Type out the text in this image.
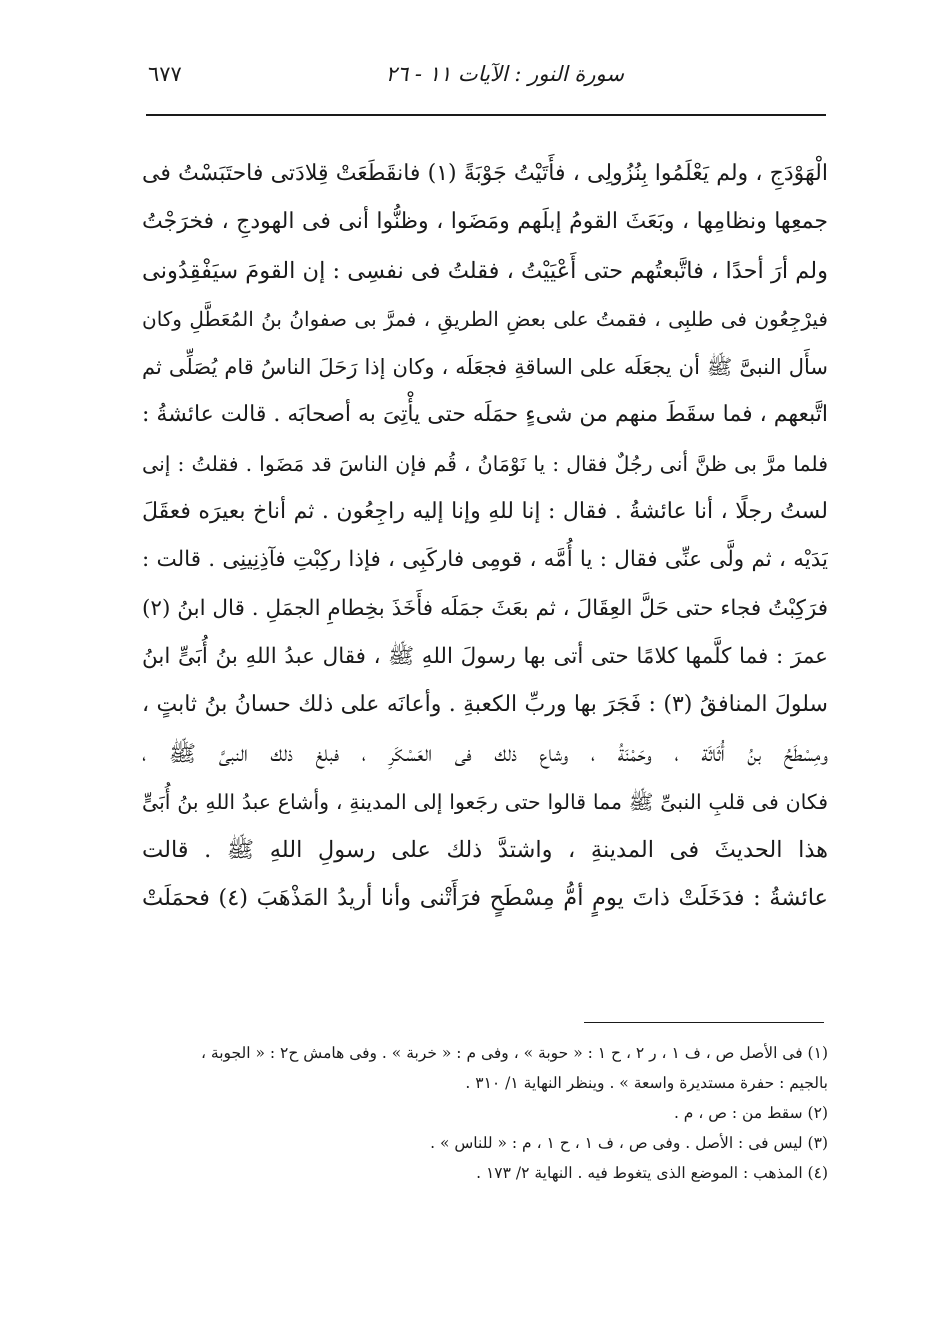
سورة النور : الآيات ١١ - ٢٦
٦٧٧
الْهَوْدَجِ ، ولم يَعْلَمُوا بِنُزُولِى ، فأَتَيْتُ جَوْبَةً (١) فانقَطَعَتْ قِلادَتى فاحتَبَسْتُ فى
جمعِها ونظامِها ، وبَعَثَ القومُ إبلَهم ومَضَوا ، وظنُّوا أنى فى الهودجِ ، فخرَجْتُ
ولم أرَ أحدًا ، فاتَّبعتُهم حتى أَعْيَيْتُ ، فقلتُ فى نفسِى : إن القومَ سيَفْقِدُونى
فيرْجِعُون فى طلبِى ، فقمتُ على بعضِ الطريقِ ، فمرَّ بى صفوانُ بنُ المُعَطَّلِ وكان
سأَل النبىَّ ﷺ أن يجعَلَه على الساقةِ فجعَلَه ، وكان إذا رَحَلَ الناسُ قام يُصَلِّى ثم
اتَّبعهم ، فما سقَطَ منهم من شىءٍ حمَلَه حتى يأْتِىَ به أصحابَه . قالت عائشةُ :
فلما مرَّ بى ظنَّ أنى رجُلٌ فقال : يا نَوْمَانُ ، قُم فإن الناسَ قد مَضَوا . فقلتُ : إنى
لستُ رجلًا ، أنا عائشةُ . فقال : إنا للهِ وإنا إليه راجِعُون . ثم أناخ بعيرَه فعقَلَ
يَدَيْه ، ثم ولَّى عنِّى فقال : يا أُمَّه ، قومِى فاركَبِى ، فإذا ركِبْتِ فآذِنِينِى . قالت :
فرَكِبْتُ فجاء حتى حَلَّ العِقَالَ ، ثم بعَثَ جمَلَه فأَخَذَ بخِطامِ الجمَلِ . قال ابنُ (٢)
عمرَ : فما كلَّمها كلامًا حتى أتى بها رسولَ اللهِ ﷺ ، فقال عبدُ اللهِ بنُ أُبَىٍّ ابنُ
سلولَ المنافقُ (٣) : فَجَرَ بها وربِّ الكعبةِ . وأعانَه على ذلك حسانُ بنُ ثابتٍ ،
ومِسْطَحُ بنُ أُثَاثَة ، وحَمْنَةُ ، وشاع ذلك فى العَسْكَرِ ، فبلغ ذلك النبىَّ ﷺ ،
فكان فى قلبِ النبىِّ ﷺ مما قالوا حتى رجَعوا إلى المدينةِ ، وأشاع عبدُ اللهِ بنُ أُبَىٍّ
هذا الحديثَ فى المدينةِ ، واشتدَّ ذلك على رسولِ اللهِ ﷺ . قالت
عائشةُ : فدَخَلَتْ ذاتَ يومٍ أمُّ مِسْطَحٍ فرَأَتْنى وأنا أريدُ المَذْهَبَ (٤) فحمَلَتْ
(١) فى الأصل ص ، ف ١ ، ر ٢ ، ح ١ : « حوبة » ، وفى م : « خربة » . وفى هامش ح٢ : « الجوبة ،
بالجيم : حفرة مستديرة واسعة » . وينظر النهاية ١/ ٣١٠ .
(٢) سقط من : ص ، م .
(٣) ليس فى : الأصل . وفى ص ، ف ١ ، ح ١ ، م : « للناس » .
(٤) المذهب : الموضع الذى يتغوط فيه . النهاية ٢/ ١٧٣ .
